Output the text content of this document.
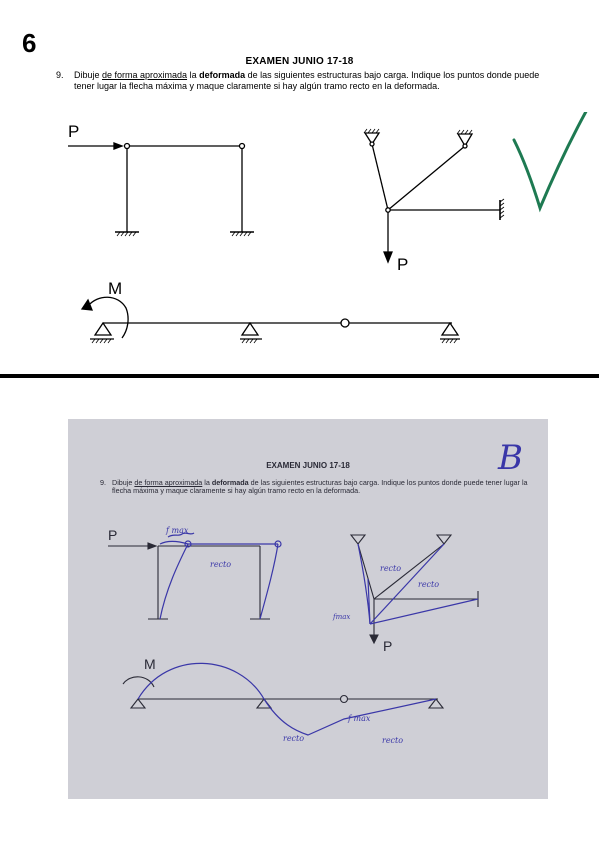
6
EXAMEN JUNIO 17-18
9. Dibuje de forma aproximada la deformada de las siguientes estructuras bajo carga. Indique los puntos donde puede tener lugar la flecha máxima y maque claramente si hay algún tramo recto en la deformada.
P
P
M
EXAMEN JUNIO 17-18
9. Dibuje de forma aproximada la deformada de las siguientes estructuras bajo carga. Indique los puntos donde puede tener lugar la flecha máxima y maque claramente si hay algún tramo recto en la deformada.
B
P	f max
recto
P
recto
recto
fmax
M
f max
recto	recto
